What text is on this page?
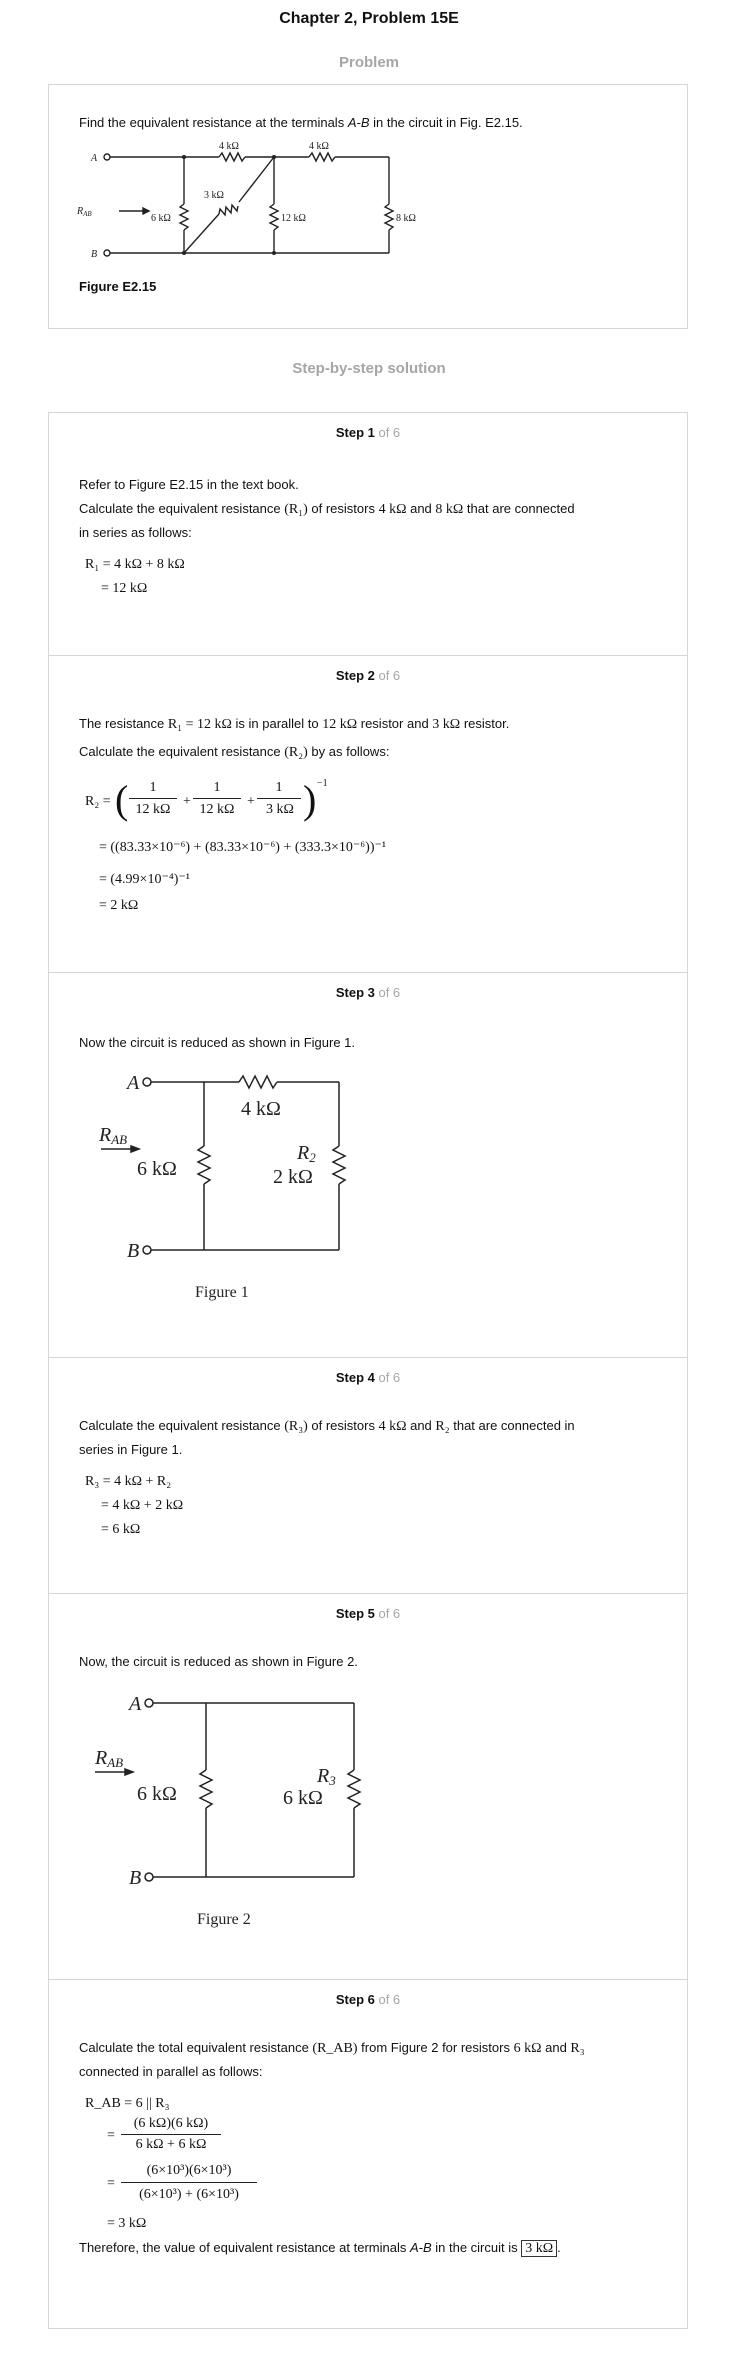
Chapter 2, Problem 15E
Problem
Find the equivalent resistance at the terminals A-B in the circuit in Fig. E2.15.
A
B
$R_{AB}$
4 kΩ	4 kΩ
3 kΩ
6 kΩ	12 kΩ	8 kΩ
Figure E2.15
Step-by-step solution
Step 1 of 6
Refer to Figure E2.15 in the text book.
Calculate the equivalent resistance (R₁) of resistors 4 kΩ and 8 kΩ that are connected
in series as follows:
R₁ = 4 kΩ + 8 kΩ
= 12 kΩ
Step 2 of 6
The resistance R₁ = 12 kΩ is in parallel to 12 kΩ resistor and 3 kΩ resistor.
Calculate the equivalent resistance (R₂) by as follows:
R₂ = (	1
12 kΩ
+
1
12 kΩ
+
1
3 kΩ ) −1
= ((83.33×10⁻⁶) + (83.33×10⁻⁶) + (333.3×10⁻⁶))⁻¹
= (4.99×10⁻⁴)⁻¹
= 2 kΩ
Step 3 of 6
Now the circuit is reduced as shown in Figure 1.
A
B
RAB
4 kΩ
6 kΩ
R2
2 kΩ
Figure 1
Step 4 of 6
Calculate the equivalent resistance (R₃) of resistors 4 kΩ and R₂ that are connected in
series in Figure 1.
R₃ = 4 kΩ + R₂
= 4 kΩ + 2 kΩ
= 6 kΩ
Step 5 of 6
Now, the circuit is reduced as shown in Figure 2.
A
B
RAB
6 kΩ
R3
6 kΩ
Figure 2
Step 6 of 6
Calculate the total equivalent resistance (R_AB) from Figure 2 for resistors 6 kΩ and R₃
connected in parallel as follows:
R_AB = 6 || R₃
=
(6 kΩ)(6 kΩ)
6 kΩ + 6 kΩ
=
(6×10³)(6×10³)
(6×10³) + (6×10³)
= 3 kΩ
Therefore, the value of equivalent resistance at terminals A-B in the circuit is 3 kΩ .
